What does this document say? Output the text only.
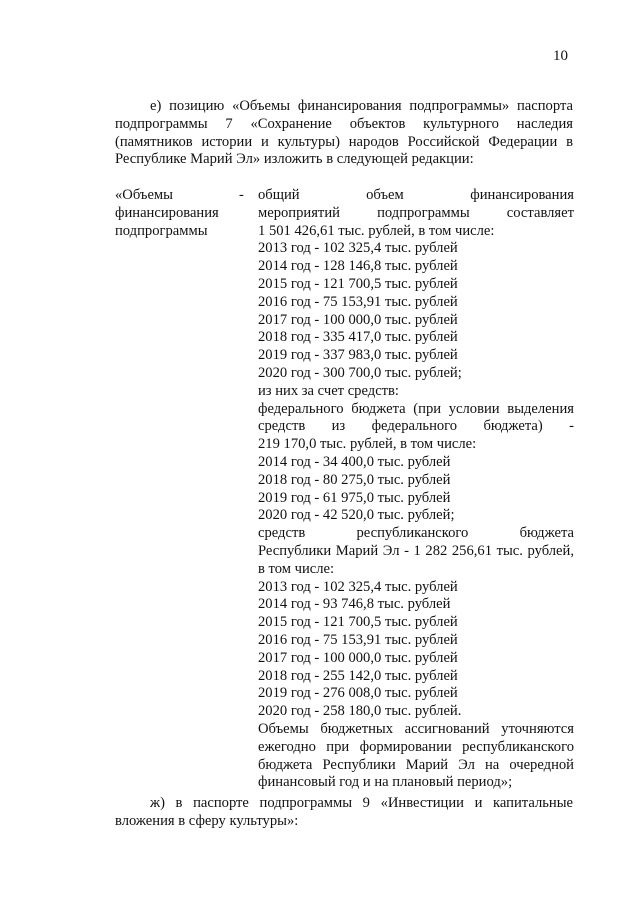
10
е) позицию «Объемы финансирования подпрограммы» паспорта подпрограммы 7 «Сохранение объектов культурного наследия (памятников истории и культуры) народов Российской Федерации в Республике Марий Эл» изложить в следующей редакции:
«Объемы
финансирования
подпрограммы
- общий объем финансирования
мероприятий подпрограммы составляет
1 501 426,61 тыс. рублей, в том числе:
2013 год - 102 325,4 тыс. рублей
2014 год - 128 146,8 тыс. рублей
2015 год - 121 700,5 тыс. рублей
2016 год - 75 153,91 тыс. рублей
2017 год - 100 000,0 тыс. рублей
2018 год - 335 417,0 тыс. рублей
2019 год - 337 983,0 тыс. рублей
2020 год - 300 700,0 тыс. рублей;
из них за счет средств:
федерального бюджета (при условии выделения
средств из федерального бюджета) -
219 170,0 тыс. рублей, в том числе:
2014 год - 34 400,0 тыс. рублей
2018 год - 80 275,0 тыс. рублей
2019 год - 61 975,0 тыс. рублей
2020 год - 42 520,0 тыс. рублей;
средств республиканского бюджета
Республики Марий Эл - 1 282 256,61 тыс. рублей,
в том числе:
2013 год - 102 325,4 тыс. рублей
2014 год - 93 746,8 тыс. рублей
2015 год - 121 700,5 тыс. рублей
2016 год - 75 153,91 тыс. рублей
2017 год - 100 000,0 тыс. рублей
2018 год - 255 142,0 тыс. рублей
2019 год - 276 008,0 тыс. рублей
2020 год - 258 180,0 тыс. рублей.
Объемы бюджетных ассигнований уточняются
ежегодно при формировании республиканского
бюджета Республики Марий Эл на очередной
финансовый год и на плановый период»;
ж) в паспорте подпрограммы 9 «Инвестиции и капитальные вложения в сферу культуры»:
